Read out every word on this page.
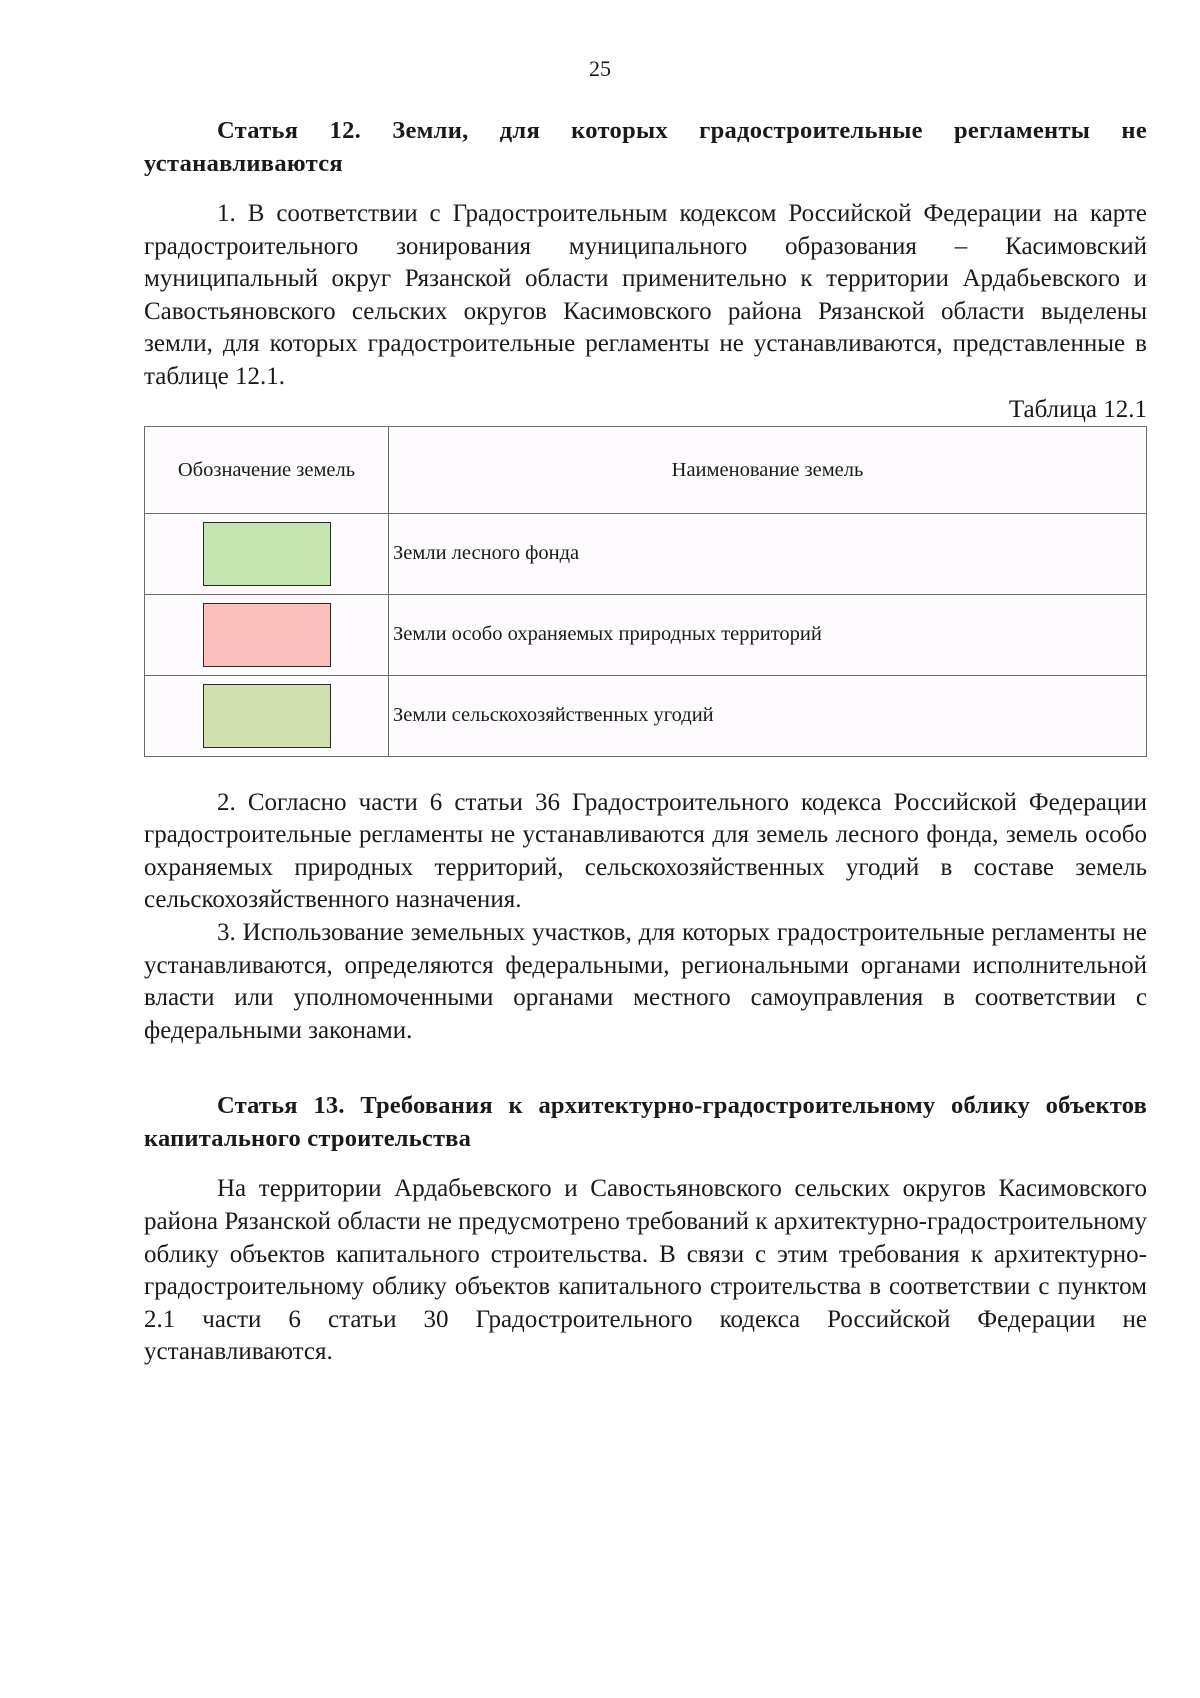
25
Статья 12. Земли, для которых градостроительные регламенты не устанавливаются

1. В соответствии с Градостроительным кодексом Российской Федерации на карте градостроительного зонирования муниципального образования – Касимовский муниципальный округ Рязанской области применительно к территории Ардабьевского и Савостьяновского сельских округов Касимовского района Рязанской области выделены земли, для которых градостроительные регламенты не устанавливаются, представленные в таблице 12.1.

Таблица 12.1

Обозначение земель	Наименование земель

	Земли лесного фонда

	Земли особо охраняемых природных территорий

	Земли сельскохозяйственных угодий

2. Согласно части 6 статьи 36 Градостроительного кодекса Российской Федерации градостроительные регламенты не устанавливаются для земель лесного фонда, земель особо охраняемых природных территорий, сельскохозяйственных угодий в составе земель сельскохозяйственного назначения.

3. Использование земельных участков, для которых градостроительные регламенты не устанавливаются, определяются федеральными, региональными органами исполнительной власти или уполномоченными органами местного самоуправления в соответствии с федеральными законами.

Статья 13. Требования к архитектурно-градостроительному облику объектов капитального строительства

На территории Ардабьевского и Савостьяновского сельских округов Касимовского района Рязанской области не предусмотрено требований к архитектурно-градостроительному облику объектов капитального строительства. В связи с этим требования к архитектурно-градостроительному облику объектов капитального строительства в соответствии с пунктом 2.1 части 6 статьи 30 Градостроительного кодекса Российской Федерации не устанавливаются.
